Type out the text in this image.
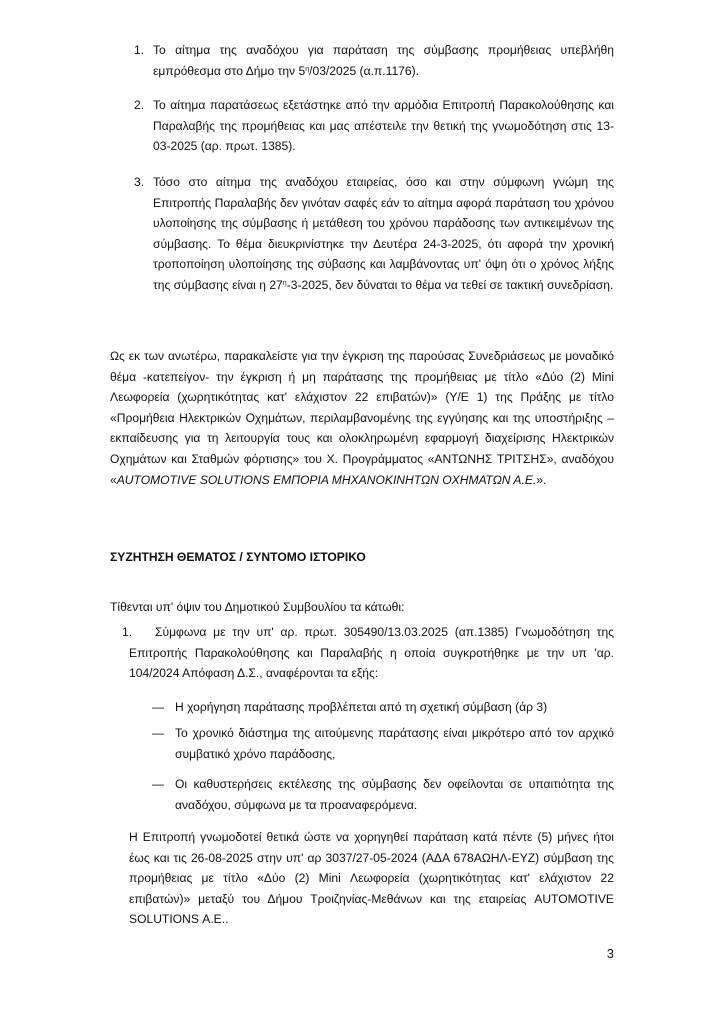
1. Το αίτημα της αναδόχου για παράταση της σύμβασης προμήθειας υπεβλήθη εμπρόθεσμα στο Δήμο την $5^\eta/03/2025$ (α.π.1176).
2. Το αίτημα παρατάσεως εξετάστηκε από την αρμόδια Επιτροπή Παρακολούθησης και Παραλαβής της προμήθειας και μας απέστειλε την θετική της γνωμοδότηση στις 13-03-2025 (αρ. πρωτ. 1385).
3. Τόσο στο αίτημα της αναδόχου εταιρείας, όσο και στην σύμφωνη γνώμη της Επιτροπής Παραλαβής δεν γινόταν σαφές εάν το αίτημα αφορά παράταση του χρόνου υλοποίησης της σύμβασης ή μετάθεση του χρόνου παράδοσης των αντικειμένων της σύμβασης. Το θέμα διευκρινίστηκε την Δευτέρα 24-3-2025, ότι αφορά την χρονική τροποποίηση υλοποίησης της σύβασης και λαμβάνοντας υπ' όψη ότι ο χρόνος λήξης της σύμβασης είναι η $27^\eta-3-2025$, δεν δύναται το θέμα να τεθεί σε τακτική συνεδρίαση.

Ως εκ των ανωτέρω, παρακαλείστε για την έγκριση της παρούσας Συνεδριάσεως με μοναδικό θέμα -κατεπείγον- την έγκριση ή μη παράτασης της προμήθειας με τίτλο «Δύο (2) Mini Λεωφορεία (χωρητικότητας κατ' ελάχιστον 22 επιβατών)» (Υ/Ε 1) της Πράξης με τίτλο «Προμήθεια Ηλεκτρικών Οχημάτων, περιλαμβανομένης της εγγύησης και της υποστήριξης – εκπαίδευσης για τη λειτουργία τους και ολοκληρωμένη εφαρμογή διαχείρισης Ηλεκτρικών Οχημάτων και Σταθμών φόρτισης» του Χ. Προγράμματος «ΑΝΤΩΝΗΣ ΤΡΙΤΣΗΣ», αναδόχου «AUTOMOTIVE SOLUTIONS ΕΜΠΟΡΙΑ ΜΗΧΑΝΟΚΙΝΗΤΩΝ ΟΧΗΜΑΤΩΝ Α.Ε.».

ΣΥΖΗΤΗΣΗ ΘΕΜΑΤΟΣ / ΣΥΝΤΟΜΟ ΙΣΤΟΡΙΚΟ
Τίθενται υπ' όψιν του Δημοτικού Συμβουλίου τα κάτωθι:
1.	Σύμφωνα με την υπ' αρ. πρωτ. 305490/13.03.2025 (απ.1385) Γνωμοδότηση της Επιτροπής Παρακολούθησης και Παραλαβής η οποία συγκροτήθηκε με την υπ 'αρ. 104/2024 Απόφαση Δ.Σ., αναφέρονται τα εξής:
— Η χορήγηση παράτασης προβλέπεται από τη σχετική σύμβαση (άρ 3)
— Το χρονικό διάστημα της αιτούμενης παράτασης είναι μικρότερο από τον αρχικό συμβατικό χρόνο παράδοσης,
— Οι καθυστερήσεις εκτέλεσης της σύμβασης δεν οφείλονται σε υπαιτιότητα της αναδόχου, σύμφωνα με τα προαναφερόμενα.
Η Επιτροπή γνωμοδοτεί θετικά ώστε να χορηγηθεί παράταση κατά πέντε (5) μήνες ήτοι έως και τις 26-08-2025 στην υπ' αρ 3037/27-05-2024 (ΑΔΑ 678ΑΩΗΛ-ΕΥΖ) σύμβαση της προμήθειας με τίτλο «Δύο (2) Mini Λεωφορεία (χωρητικότητας κατ' ελάχιστον 22 επιβατών)» μεταξύ του Δήμου Τροιζηνίας-Μεθάνων και της εταιρείας AUTOMOTIVE SOLUTIONS Α.Ε..
3
